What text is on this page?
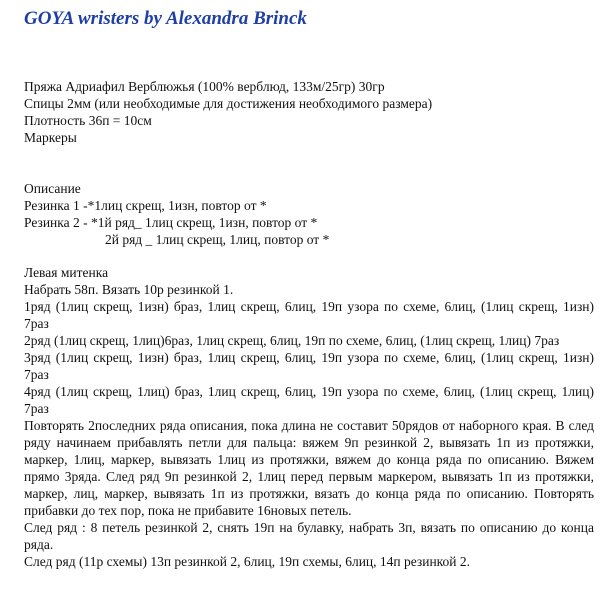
GOYA wristers by Alexandra Brinck
Пряжа Адриафил Верблюжья (100% верблюд, 133м/25гр) 30гр
Спицы 2мм (или необходимые для достижения необходимого размера)
Плотность 36п = 10см
Маркеры
Описание
Резинка 1 -*1лиц скрещ, 1изн, повтор от *
Резинка 2 - *1й ряд_ 1лиц скрещ, 1изн, повтор от *
2й ряд _ 1лиц скрещ, 1лиц, повтор от *
Левая митенка
Набрать 58п. Вязать 10р резинкой 1.
1ряд (1лиц скрещ, 1изн) браз, 1лиц скрещ, 6лиц, 19п узора по схеме, 6лиц, (1лиц скрещ, 1изн) 7раз
2ряд (1лиц скрещ, 1лиц)6раз, 1лиц скрещ, 6лиц, 19п по схеме, 6лиц, (1лиц скрещ, 1лиц) 7раз
3ряд (1лиц скрещ, 1изн) браз, 1лиц скрещ, 6лиц, 19п узора по схеме, 6лиц, (1лиц скрещ, 1изн) 7раз
4ряд (1лиц скрещ, 1лиц) браз, 1лиц скрещ, 6лиц, 19п узора по схеме, 6лиц, (1лиц скрещ, 1лиц) 7раз
Повторять 2последних ряда описания, пока длина не составит 50рядов от наборного края. В след ряду начинаем прибавлять петли для пальца: вяжем 9п резинкой 2, вывязать 1п из протяжки, маркер, 1лиц, маркер, вывязать 1лиц из протяжки, вяжем до конца ряда по описанию. Вяжем прямо 3ряда. След ряд 9п резинкой 2, 1лиц перед первым маркером, вывязать 1п из протяжки, маркер, лиц, маркер, вывязать 1п из протяжки, вязать до конца ряда по описанию. Повторять прибавки до тех пор, пока не прибавите 16новых петель.
След ряд : 8 петель резинкой 2, снять 19п на булавку, набрать 3п, вязать по описанию до конца ряда.
След ряд (11р схемы) 13п резинкой 2, 6лиц, 19п схемы, 6лиц, 14п резинкой 2.
